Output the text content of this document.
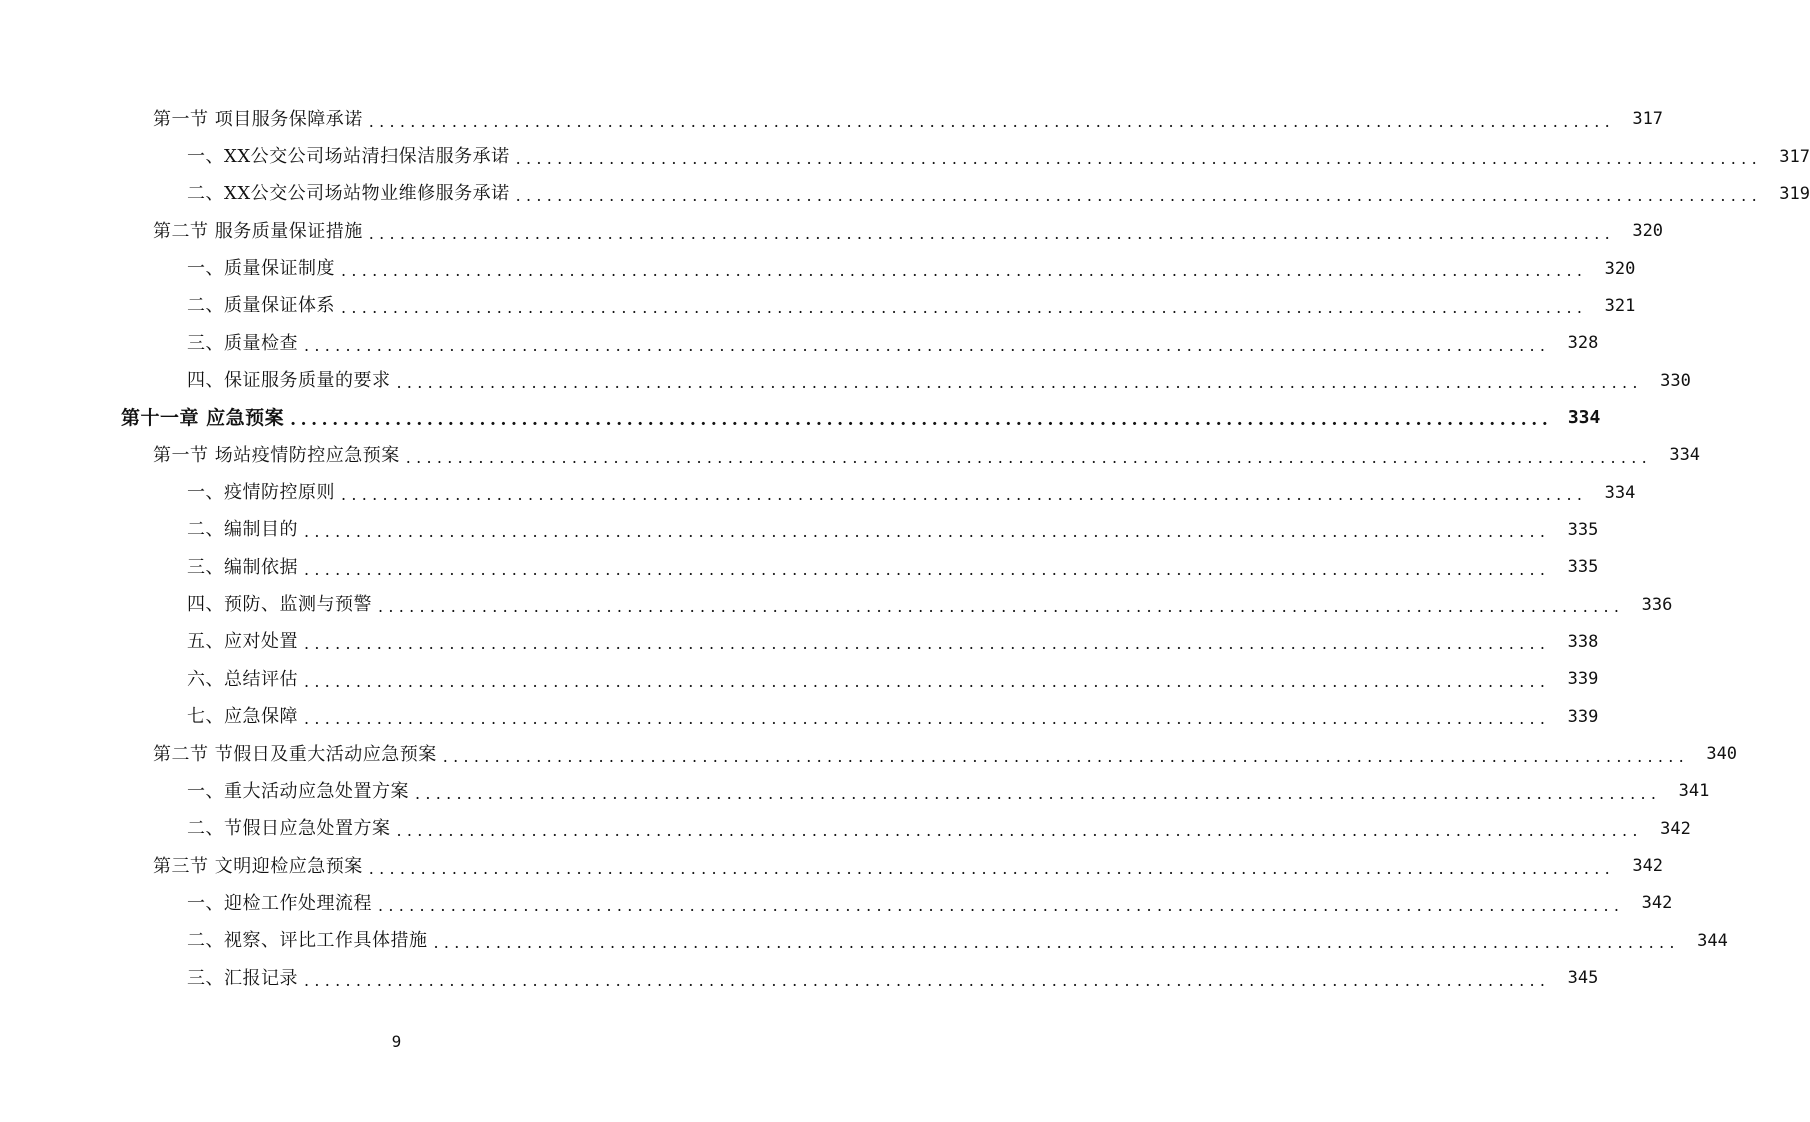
第一节 项目服务保障承诺 ........................................................................................................................	317
一、XX公交公司场站清扫保洁服务承诺 ........................................................................................................................	317
二、XX公交公司场站物业维修服务承诺 ........................................................................................................................	319
第二节 服务质量保证措施 ........................................................................................................................	320
一、质量保证制度 ........................................................................................................................	320
二、质量保证体系 ........................................................................................................................	321
三、质量检查 ........................................................................................................................	328
四、保证服务质量的要求 ........................................................................................................................	330
第十一章 应急预案 ........................................................................................................................ 334
第一节 场站疫情防控应急预案 ........................................................................................................................	334
一、疫情防控原则 ........................................................................................................................	334
二、编制目的 ........................................................................................................................	335
三、编制依据 ........................................................................................................................	335
四、预防、监测与预警 ........................................................................................................................	336
五、应对处置 ........................................................................................................................	338
六、总结评估 ........................................................................................................................	339
七、应急保障 ........................................................................................................................	339
第二节 节假日及重大活动应急预案 ........................................................................................................................	340
一、重大活动应急处置方案 ........................................................................................................................	341
二、节假日应急处置方案 ........................................................................................................................	342
第三节 文明迎检应急预案 ........................................................................................................................	342
一、迎检工作处理流程 ........................................................................................................................	342
二、视察、评比工作具体措施 ........................................................................................................................	344
三、汇报记录 ........................................................................................................................	345
9
